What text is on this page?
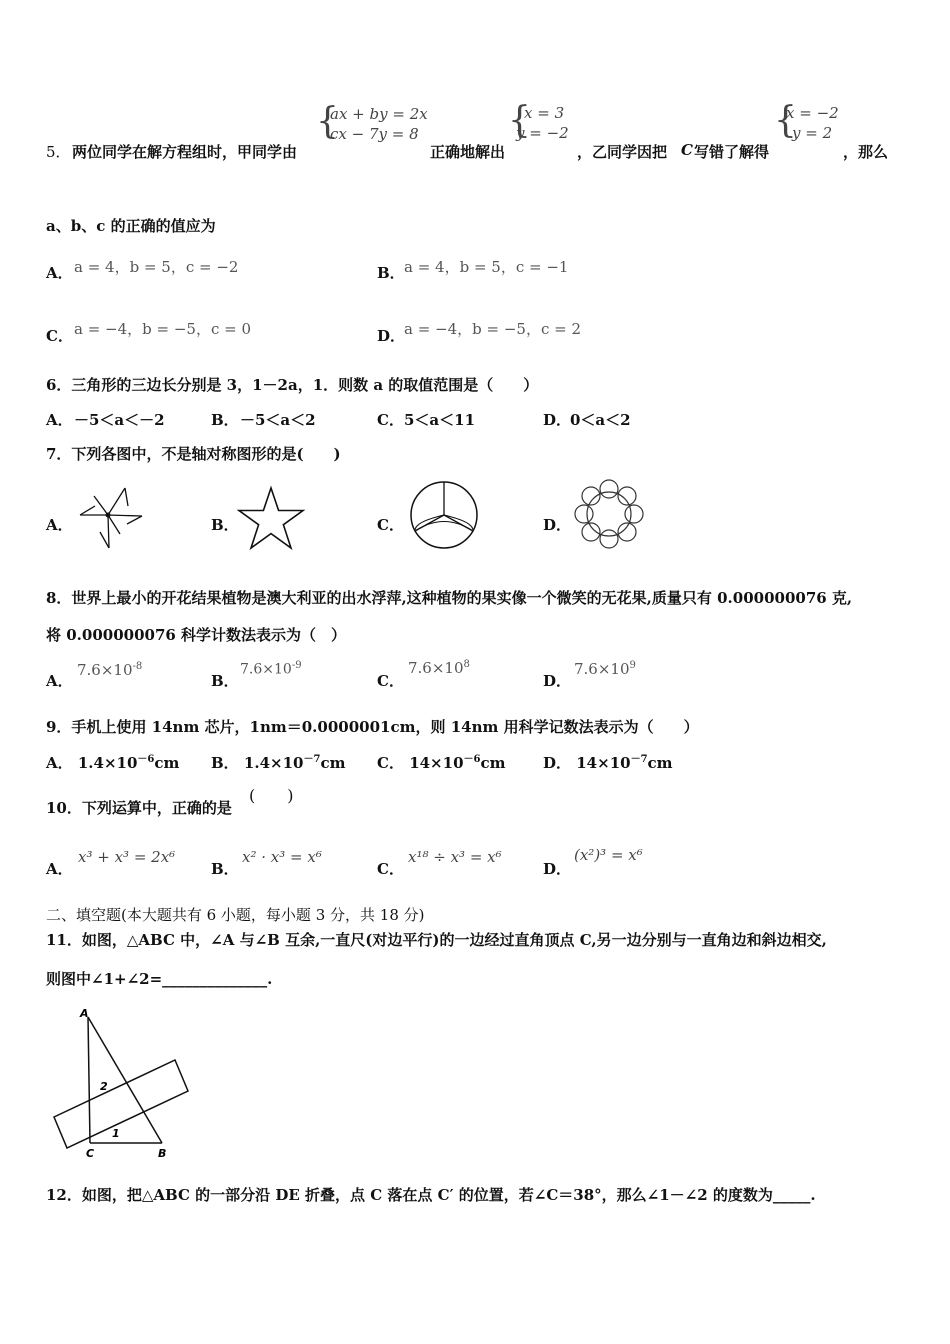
5． 两位同学在解方程组时，甲同学由
{
ax + by = 2x
cx − 7y = 8
正确地解出
{
x = 3
y = −2
，乙同学因把 C 写错了解得
{
x = −2
y = 2
，那么
a、b、c 的正确的值应为
A． a = 4，b = 5，c = −2	B． a = 4，b = 5，c = −1
C． a = −4，b = −5，c = 0	D．
a = −4，b = −5，c = 2
6．三角形的三边长分别是 3，1－2a，1．则数 a 的取值范围是（　　）
A． －5＜a＜－2	B． －5＜a＜2	C． 5＜a＜11	D．
0＜a＜2
7．下列各图中，不是轴对称图形的是(　　)
A．	B．	C．	D．
8．世界上最小的开花结果植物是澳大利亚的出水浮萍,这种植物的果实像一个微笑的无花果,质量只有 0.000000076 克,
将 0.000000076 科学计数法表示为（　）
A．
$7.6\times 10^{-8}$
B．
$7.6\times 10^{-9}$
C．
$7.6\times 10^8$
D．
$7.6\times 10^9$
9．手机上使用 14nm 芯片，1nm＝0.0000001cm，则 14nm 用科学记数法表示为（　　）
A． $1.4\times 10^{-6}cm$ B． $1.4\times 10^{-7}cm$ C． $14\times 10^{-6}cm$	D． $14\times 10^{-7}cm$
10．下列运算中，正确的是
(　　)
A．
x³ + x³ = 2x⁶
B．
x² · x³ = x⁶
C．
x¹⁸ ÷ x³ = x⁶
D．
(x²)³ = x⁶
二、填空题(本大题共有 6 小题，每小题 3 分，共 18 分)
11．如图，△ABC 中，∠A 与∠B 互余,一直尺(对边平行)的一边经过直角顶点 C,另一边分别与一直角边和斜边相交,
则图中∠1+∠2=______________.
A
B
C
1
2
12．如图，把△ABC 的一部分沿 DE 折叠，点 C 落在点 C′ 的位置，若∠C＝38°，那么∠1－∠2 的度数为_____.
